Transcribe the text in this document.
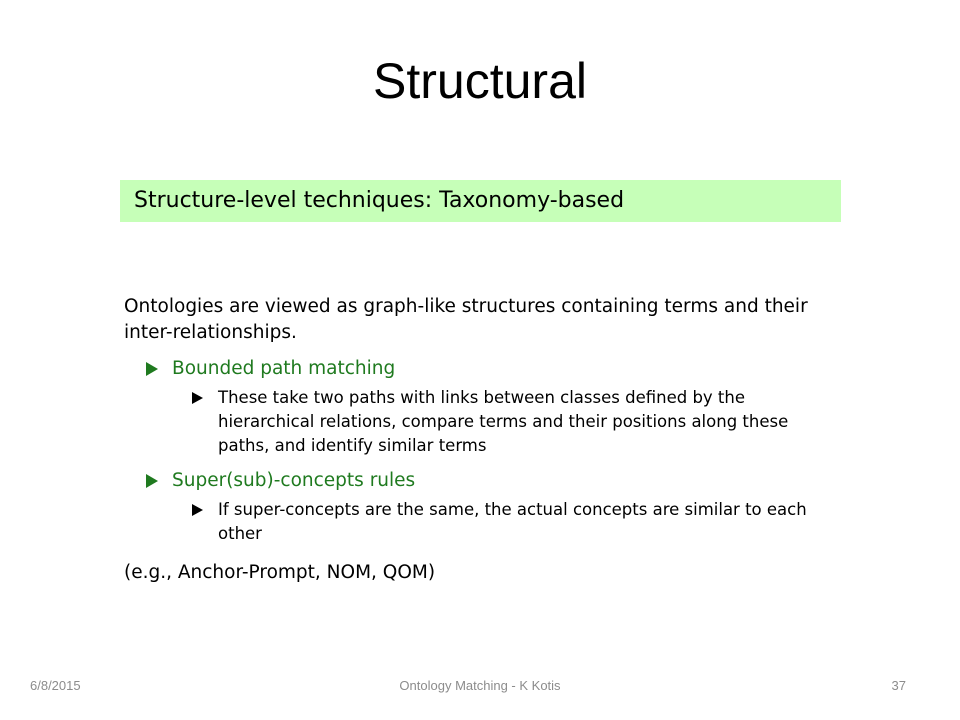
Structural
Structure-level techniques: Taxonomy-based

Ontologies are viewed as graph-like structures containing terms and their inter-relationships.

Bounded path matching
These take two paths with links between classes defined by the hierarchical relations, compare terms and their positions along these paths, and identify similar terms
Super(sub)-concepts rules
If super-concepts are the same, the actual concepts are similar to each other
(e.g., Anchor-Prompt, NOM, QOM)
6/8/2015	Ontology Matching - K Kotis	37
